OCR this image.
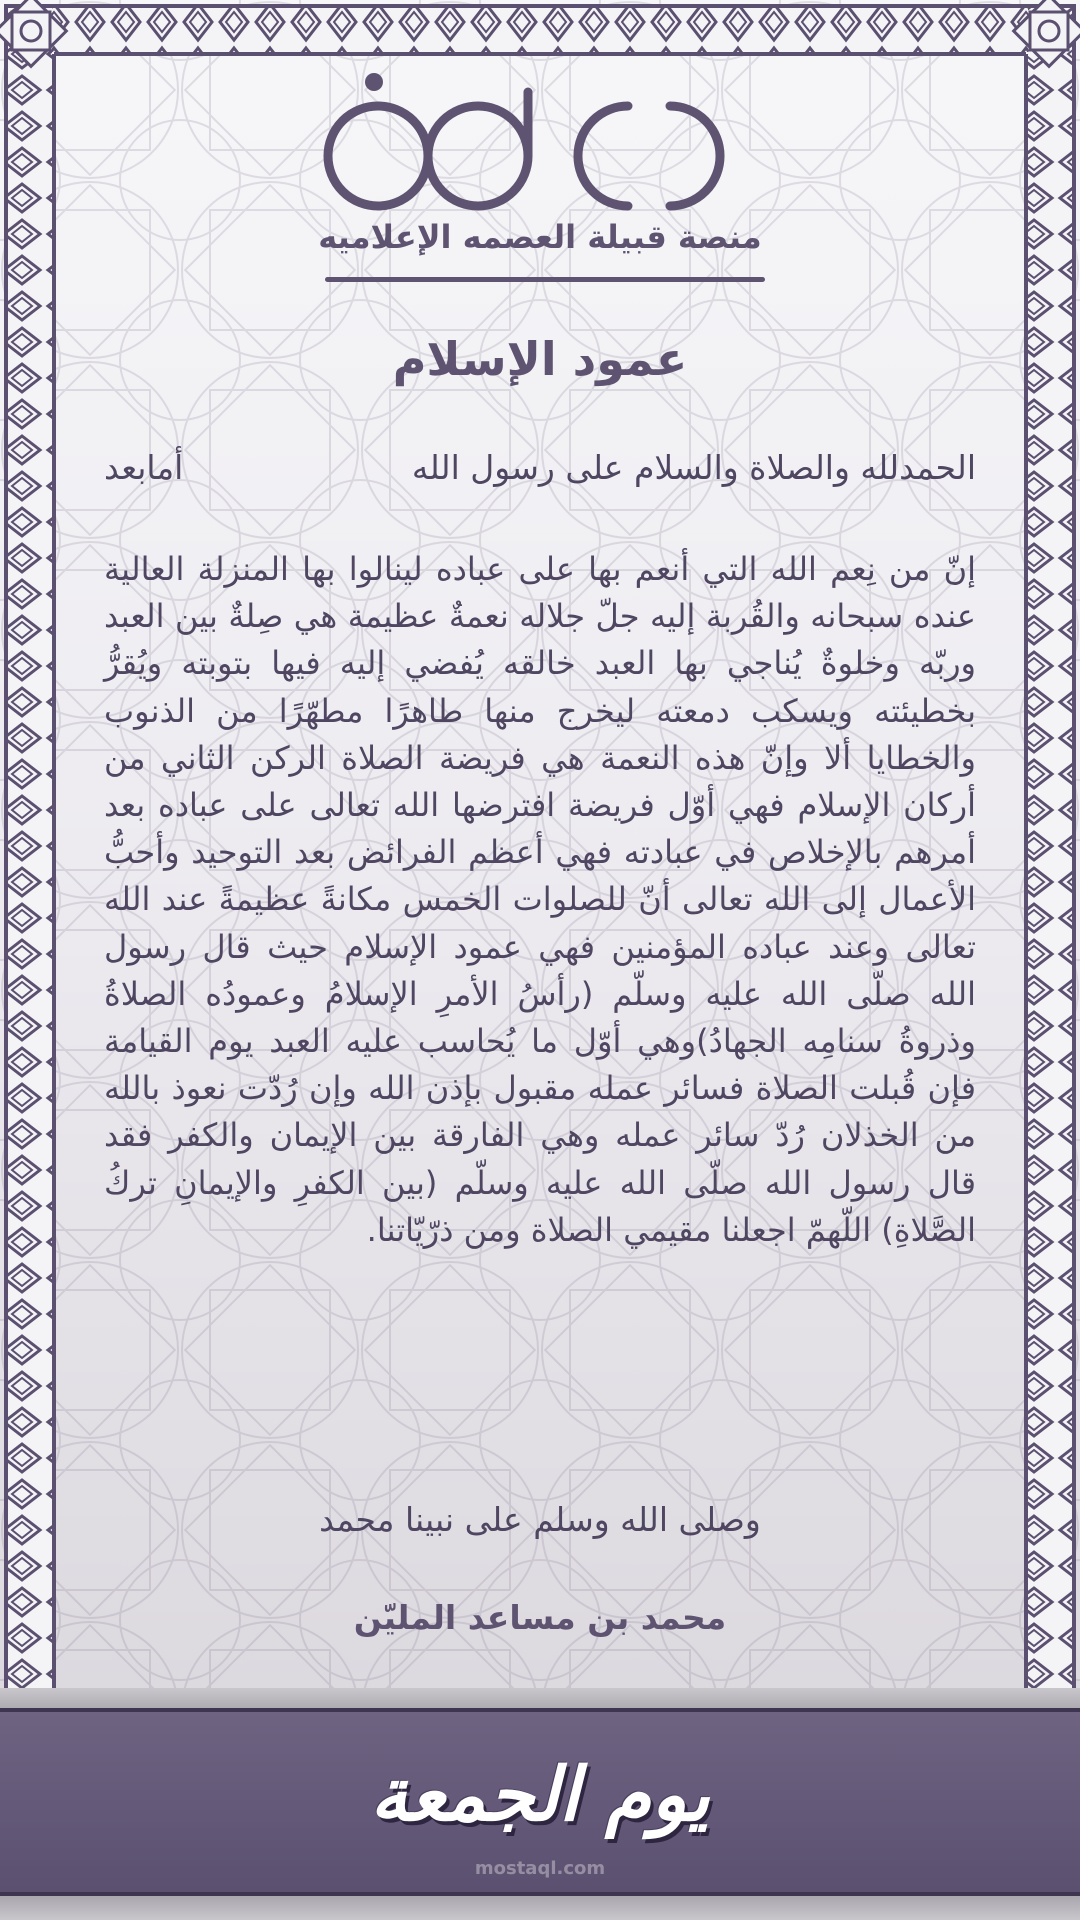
منصة قبيلة العصمه الإعلاميه
عمود الإسلام
الحمدلله والصلاة والسلام على رسول الله
أمابعد
إنّ من نِعم الله التي أنعم بها على عباده لينالوا بها المنزلة العالية عنده سبحانه والقُربة إليه جلّ جلاله نعمةٌ عظيمة هي صِلةٌ بين العبد وربّه وخلوةٌ يُناجي بها العبد خالقه يُفضي إليه فيها بتوبته ويُقرُّ بخطيئته ويسكب دمعته ليخرج منها طاهرًا مطهّرًا من الذنوب والخطايا ألا وإنّ هذه النعمة هي فريضة الصلاة الركن الثاني من أركان الإسلام فهي أوّل فريضة افترضها الله تعالى على عباده بعد أمرهم بالإخلاص في عبادته فهي أعظم الفرائض بعد التوحيد وأحبُّ الأعمال إلى الله تعالى أنّ للصلوات الخمس مكانةً عظيمةً عند الله تعالى وعند عباده المؤمنين فهي عمود الإسلام حيث قال رسول الله صلّى الله عليه وسلّم (رأسُ الأمرِ الإسلامُ وعمودُه الصلاةُ وذروةُ سنامِه الجهادُ)وهي أوّل ما يُحاسب عليه العبد يوم القيامة فإن قُبلت الصلاة فسائر عمله مقبول بإذن الله وإن رُدّت نعوذ بالله من الخذلان رُدّ سائر عمله وهي الفارقة بين الإيمان والكفر فقد قال رسول الله صلّى الله عليه وسلّم (بين الكفرِ والإيمانِ تركُ الصَّلاةِ) اللّهمّ اجعلنا مقيمي الصلاة ومن ذرّيّاتنا.
وصلى الله وسلم على نبينا محمد
محمد بن مساعد المليّن
يوم الجمعة
mostaql.com
